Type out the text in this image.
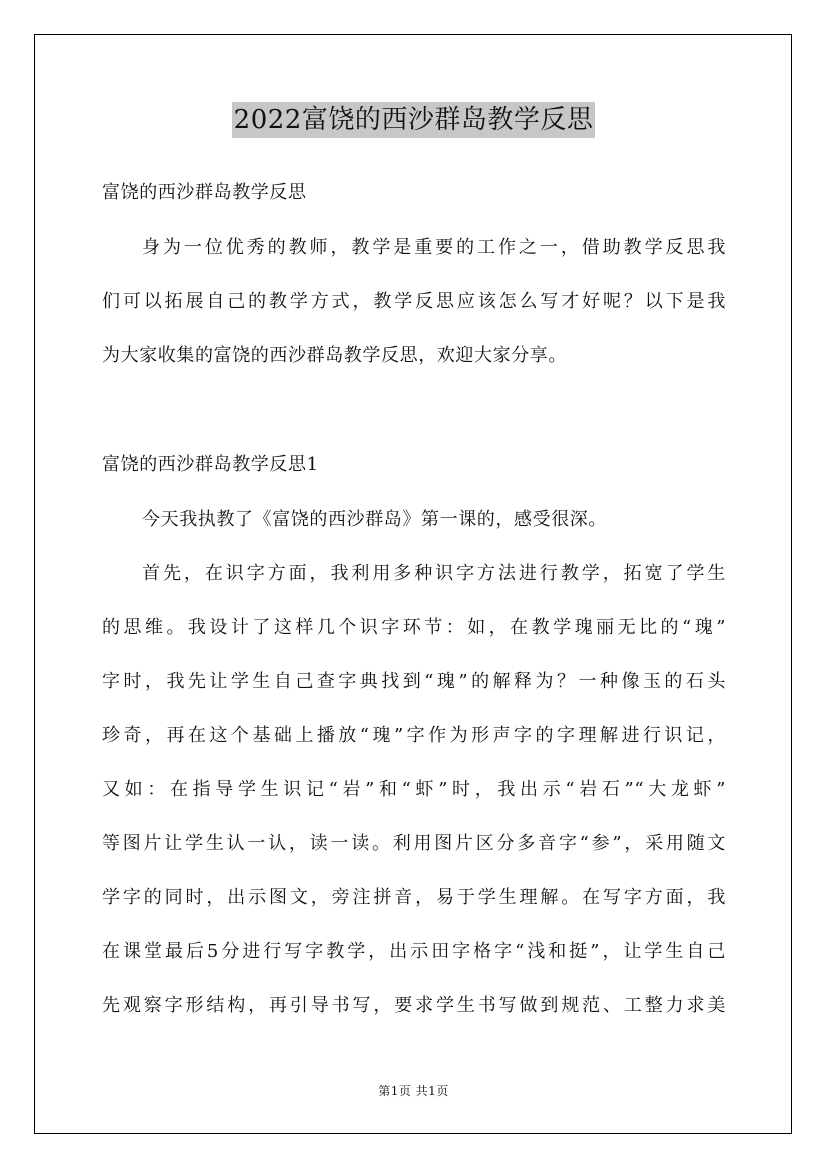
2022富饶的西沙群岛教学反思
富饶的西沙群岛教学反思
身为一位优秀的教师，教学是重要的工作之一，借助教学反思我
们可以拓展自己的教学方式，教学反思应该怎么写才好呢？以下是我
为大家收集的富饶的西沙群岛教学反思，欢迎大家分享。
富饶的西沙群岛教学反思1
今天我执教了《富饶的西沙群岛》第一课的，感受很深。
首先，在识字方面，我利用多种识字方法进行教学，拓宽了学生
的思维。我设计了这样几个识字环节：如，在教学瑰丽无比的“瑰”
字时，我先让学生自己查字典找到“瑰”的解释为？一种像玉的石头
珍奇，再在这个基础上播放“瑰”字作为形声字的字理解进行识记，
又如：在指导学生识记“岩”和“虾”时，我出示“岩石”“大龙虾”
等图片让学生认一认，读一读。利用图片区分多音字“参”，采用随文
学字的同时，出示图文，旁注拼音，易于学生理解。在写字方面，我
在课堂最后5分进行写字教学，出示田字格字“浅和挺”，让学生自己
先观察字形结构，再引导书写，要求学生书写做到规范、工整力求美
第1页 共1页
